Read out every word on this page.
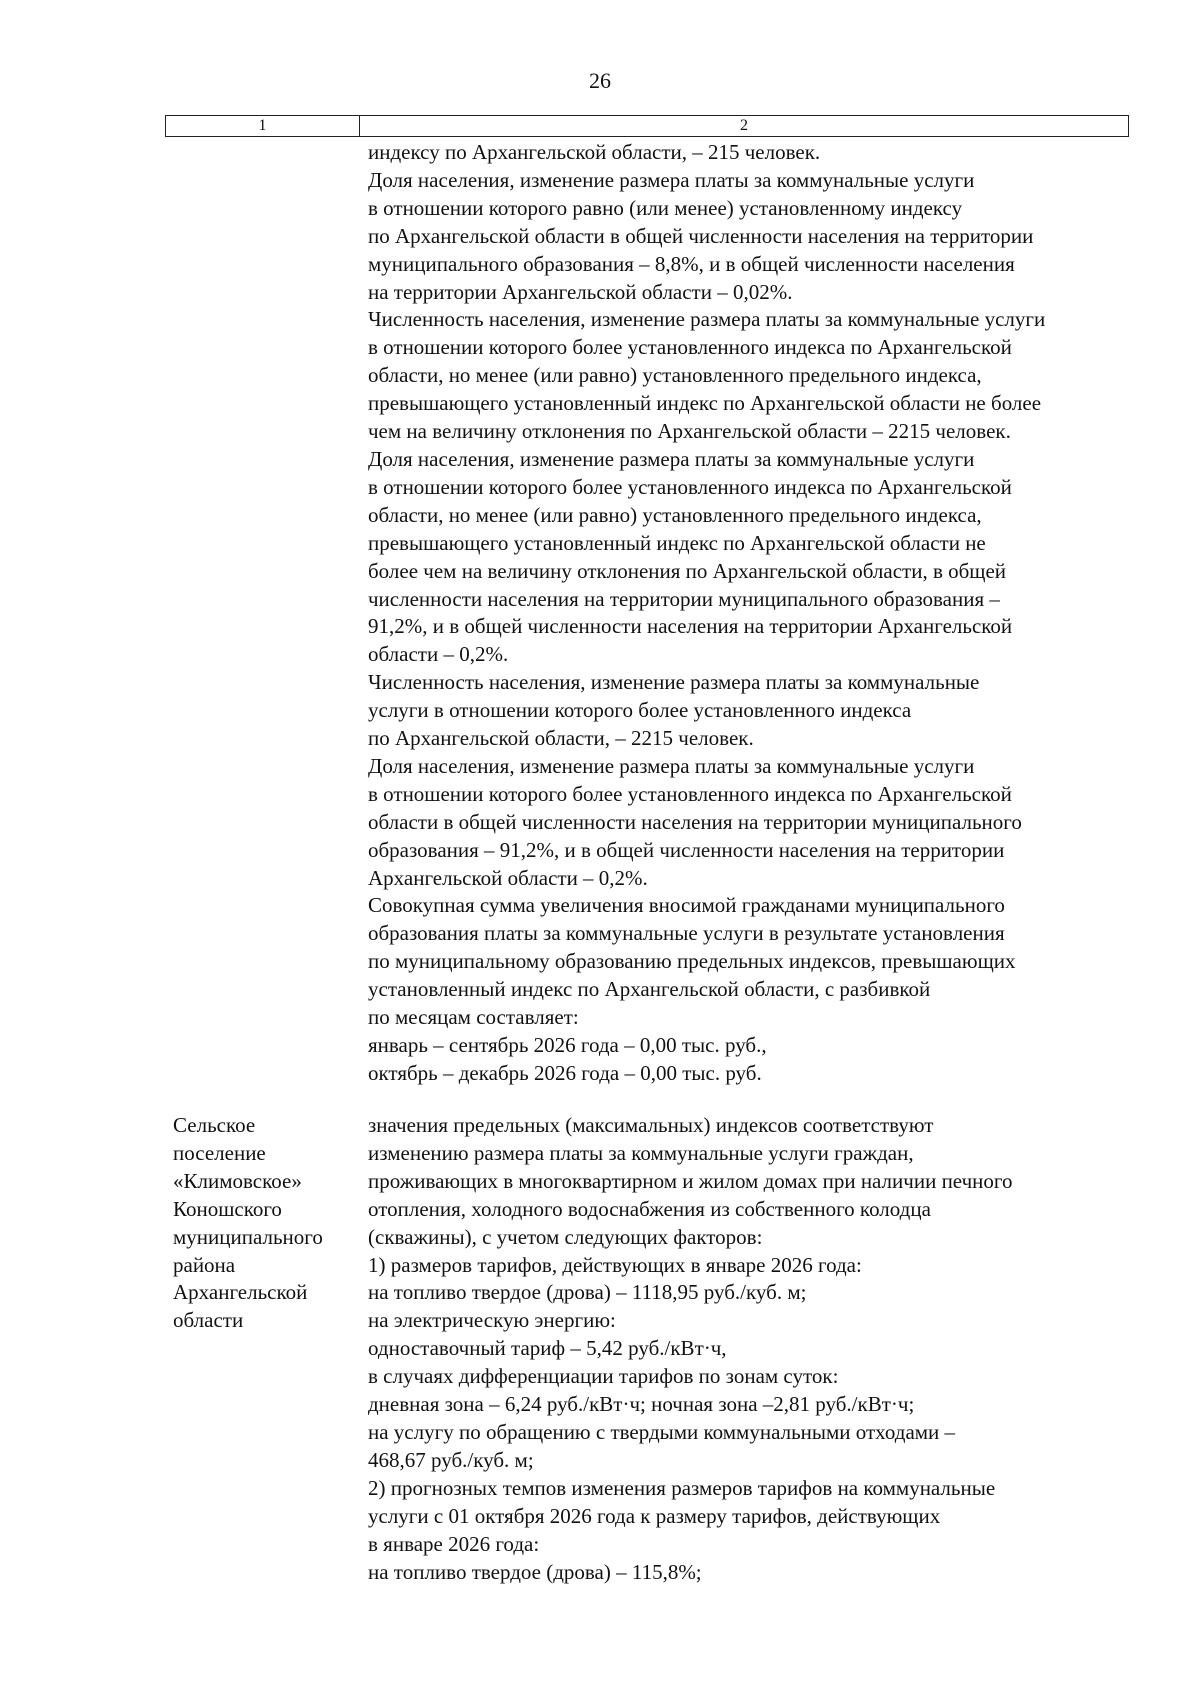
26
1	2
индексу по Архангельской области, – 215 человек.
Доля населения, изменение размера платы за коммунальные услуги
в отношении которого равно (или менее) установленному индексу
по Архангельской области в общей численности населения на территории
муниципального образования – 8,8%, и в общей численности населения
на территории Архангельской области – 0,02%.
Численность населения, изменение размера платы за коммунальные услуги
в отношении которого более установленного индекса по Архангельской
области, но менее (или равно) установленного предельного индекса,
превышающего установленный индекс по Архангельской области не более
чем на величину отклонения по Архангельской области – 2215 человек.
Доля населения, изменение размера платы за коммунальные услуги
в отношении которого более установленного индекса по Архангельской
области, но менее (или равно) установленного предельного индекса,
превышающего установленный индекс по Архангельской области не
более чем на величину отклонения по Архангельской области, в общей
численности населения на территории муниципального образования –
91,2%, и в общей численности населения на территории Архангельской
области – 0,2%.
Численность населения, изменение размера платы за коммунальные
услуги в отношении которого более установленного индекса
по Архангельской области, – 2215 человек.
Доля населения, изменение размера платы за коммунальные услуги
в отношении которого более установленного индекса по Архангельской
области в общей численности населения на территории муниципального
образования – 91,2%, и в общей численности населения на территории
Архангельской области – 0,2%.
Совокупная сумма увеличения вносимой гражданами муниципального
образования платы за коммунальные услуги в результате установления
по муниципальному образованию предельных индексов, превышающих
установленный индекс по Архангельской области, с разбивкой
по месяцам составляет:
январь – сентябрь 2026 года – 0,00 тыс. руб.,
октябрь – декабрь 2026 года – 0,00 тыс. руб.
Сельское
поселение
«Климовское»
Коношского
муниципального
района
Архангельской
области
значения предельных (максимальных) индексов соответствуют
изменению размера платы за коммунальные услуги граждан,
проживающих в многоквартирном и жилом домах при наличии печного
отопления, холодного водоснабжения из собственного колодца
(скважины), с учетом следующих факторов:
1) размеров тарифов, действующих в январе 2026 года:
на топливо твердое (дрова) – 1118,95 руб./куб. м;
на электрическую энергию:
одноставочный тариф – 5,42 руб./кВт·ч,
в случаях дифференциации тарифов по зонам суток:
дневная зона – 6,24 руб./кВт·ч; ночная зона –2,81 руб./кВт·ч;
на услугу по обращению с твердыми коммунальными отходами –
468,67 руб./куб. м;
2) прогнозных темпов изменения размеров тарифов на коммунальные
услуги с 01 октября 2026 года к размеру тарифов, действующих
в январе 2026 года:
на топливо твердое (дрова) – 115,8%;
